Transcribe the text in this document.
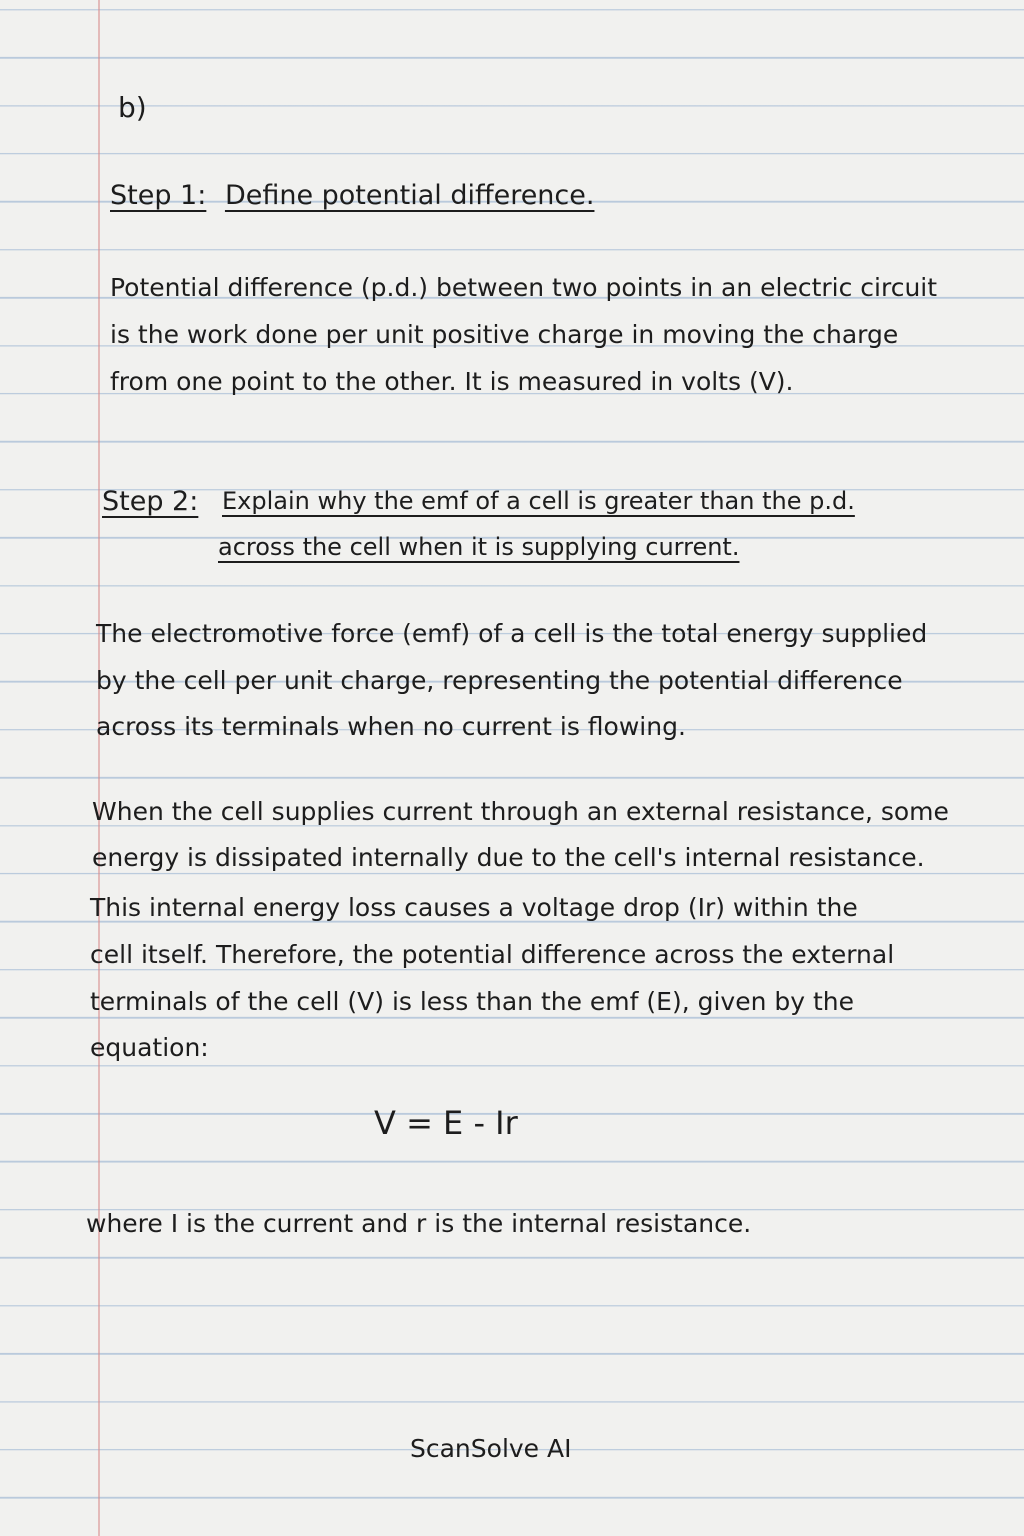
b)
Step 1: Define potential difference.
Potential difference (p.d.) between two points in an electric circuit
is the work done per unit positive charge in moving the charge
from one point to the other. It is measured in volts (V).
Step 2: Explain why the emf of a cell is greater than the p.d.
across the cell when it is supplying current.
The electromotive force (emf) of a cell is the total energy supplied
by the cell per unit charge, representing the potential difference
across its terminals when no current is flowing.
When the cell supplies current through an external resistance, some
energy is dissipated internally due to the cell's internal resistance.
This internal energy loss causes a voltage drop (Ir) within the
cell itself. Therefore, the potential difference across the external
terminals of the cell (V) is less than the emf (E), given by the
equation:
V = E - Ir
where I is the current and r is the internal resistance.
ScanSolve AI
